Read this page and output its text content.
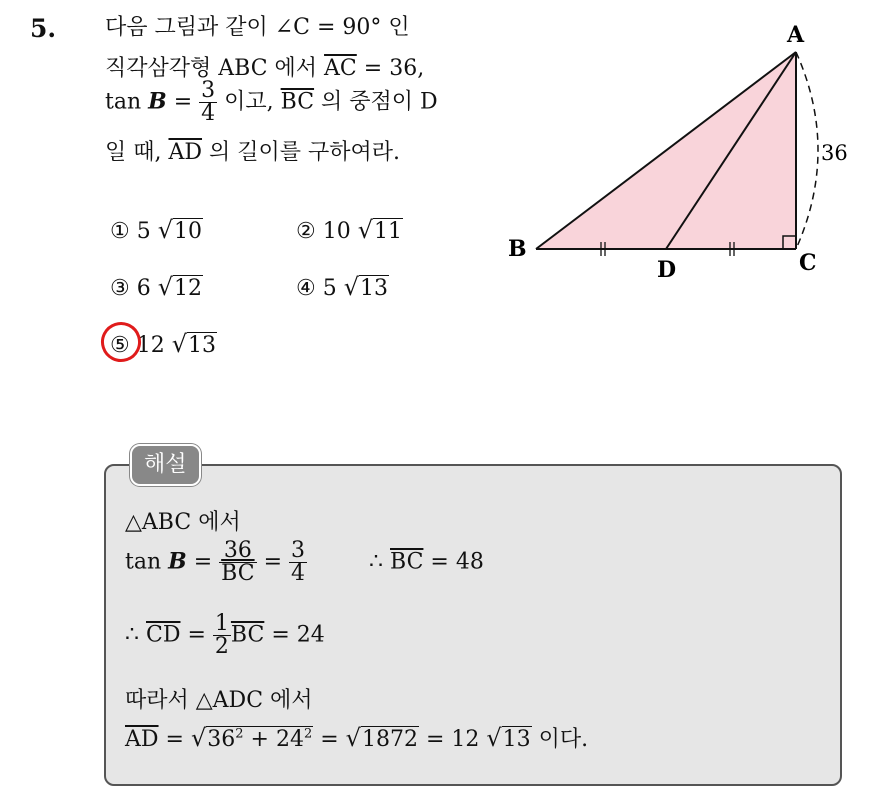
5. 다음 그림과 같이 ∠C = 90° 인
직각삼각형 ABC 에서 $\overline{AC} = 36$,
$\tan B = \frac{3}{4}$ 이고, $\overline{BC}$ 의 중점이 D
일 때, $\overline{AD}$ 의 길이를 구하여라.
① 5 √10	② 10 √11
③ 6 √12	④ 5 √13
⑤ 12 √13
A
B
C
D
36
해설
△ABC 에서
$\tan B = \frac{36}{BC} = \frac{3}{4}$	∴ $\overline{BC} = 48$
∴ $\overline{CD} = \frac{1}{2} \overline{BC} = 24$
따라서 △ADC 에서
$\overline{AD} = √36^2 + 24^2 = √1872 = 12$ √13 이다.
